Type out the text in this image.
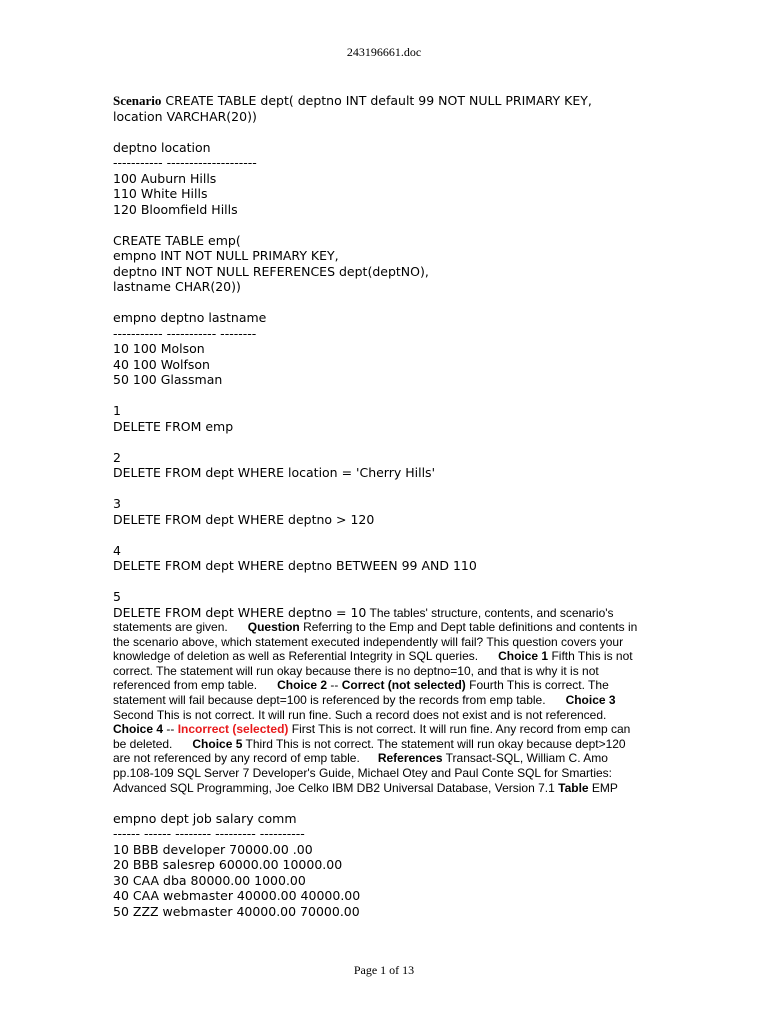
243196661.doc
Scenario CREATE TABLE dept( deptno INT default 99 NOT NULL PRIMARY KEY,
location VARCHAR(20))
deptno location
----------- --------------------
100 Auburn Hills
110 White Hills
120 Bloomfield Hills
CREATE TABLE emp(
empno INT NOT NULL PRIMARY KEY,
deptno INT NOT NULL REFERENCES dept(deptNO),
lastname CHAR(20))
empno deptno lastname
----------- ----------- --------
10 100 Molson
40 100 Wolfson
50 100 Glassman
1
DELETE FROM emp
2
DELETE FROM dept WHERE location = 'Cherry Hills'
3
DELETE FROM dept WHERE deptno > 120
4
DELETE FROM dept WHERE deptno BETWEEN 99 AND 110
5
DELETE FROM dept WHERE deptno = 10 The tables' structure, contents, and scenario's
statements are given. Question Referring to the Emp and Dept table definitions and contents in the scenario above, which statement executed independently will fail? This question covers your knowledge of deletion as well as Referential Integrity in SQL queries. Choice 1 Fifth This is not correct. The statement will run okay because there is no deptno=10, and that is why it is not referenced from emp table. Choice 2 -- Correct (not selected) Fourth This is correct. The statement will fail because dept=100 is referenced by the records from emp table. Choice 3 Second This is not correct. It will run fine. Such a record does not exist and is not referenced. Choice 4 -- Incorrect (selected) First This is not correct. It will run fine. Any record from emp can be deleted. Choice 5 Third This is not correct. The statement will run okay because dept>120 are not referenced by any record of emp table. References Transact-SQL, William C. Amo pp.108-109 SQL Server 7 Developer's Guide, Michael Otey and Paul Conte SQL for Smarties: Advanced SQL Programming, Joe Celko IBM DB2 Universal Database, Version 7.1 Table EMP
empno dept job salary comm
------ ------ -------- --------- ----------
10 BBB developer 70000.00 .00
20 BBB salesrep 60000.00 10000.00
30 CAA dba 80000.00 1000.00
40 CAA webmaster 40000.00 40000.00
50 ZZZ webmaster 40000.00 70000.00
Page 1 of 13
